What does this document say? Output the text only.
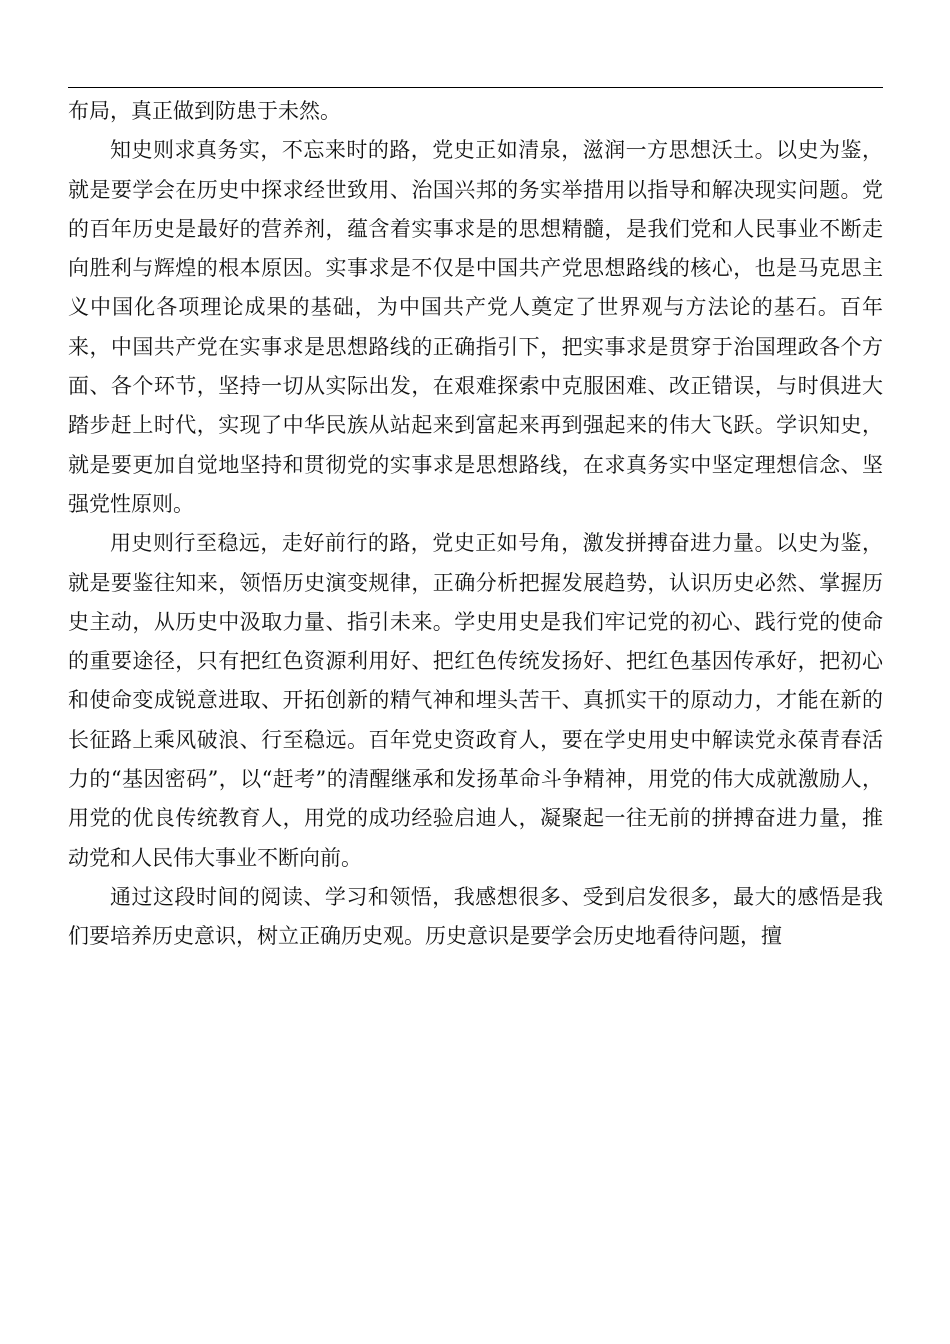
布局，真正做到防患于未然。

知史则求真务实，不忘来时的路，党史正如清泉，滋润一方思想沃土。以史为鉴，就是要学会在历史中探求经世致用、治国兴邦的务实举措用以指导和解决现实问题。党的百年历史是最好的营养剂，蕴含着实事求是的思想精髓，是我们党和人民事业不断走向胜利与辉煌的根本原因。实事求是不仅是中国共产党思想路线的核心，也是马克思主义中国化各项理论成果的基础，为中国共产党人奠定了世界观与方法论的基石。百年来，中国共产党在实事求是思想路线的正确指引下，把实事求是贯穿于治国理政各个方面、各个环节，坚持一切从实际出发，在艰难探索中克服困难、改正错误，与时俱进大踏步赶上时代，实现了中华民族从站起来到富起来再到强起来的伟大飞跃。学识知史，就是要更加自觉地坚持和贯彻党的实事求是思想路线，在求真务实中坚定理想信念、坚强党性原则。

用史则行至稳远，走好前行的路，党史正如号角，激发拼搏奋进力量。以史为鉴，就是要鉴往知来，领悟历史演变规律，正确分析把握发展趋势，认识历史必然、掌握历史主动，从历史中汲取力量、指引未来。学史用史是我们牢记党的初心、践行党的使命的重要途径，只有把红色资源利用好、把红色传统发扬好、把红色基因传承好，把初心和使命变成锐意进取、开拓创新的精气神和埋头苦干、真抓实干的原动力，才能在新的长征路上乘风破浪、行至稳远。百年党史资政育人，要在学史用史中解读党永葆青春活力的“基因密码”，以“赶考”的清醒继承和发扬革命斗争精神，用党的伟大成就激励人，用党的优良传统教育人，用党的成功经验启迪人，凝聚起一往无前的拼搏奋进力量，推动党和人民伟大事业不断向前。

通过这段时间的阅读、学习和领悟，我感想很多、受到启发很多，最大的感悟是我们要培养历史意识，树立正确历史观。历史意识是要学会历史地看待问题，擅
